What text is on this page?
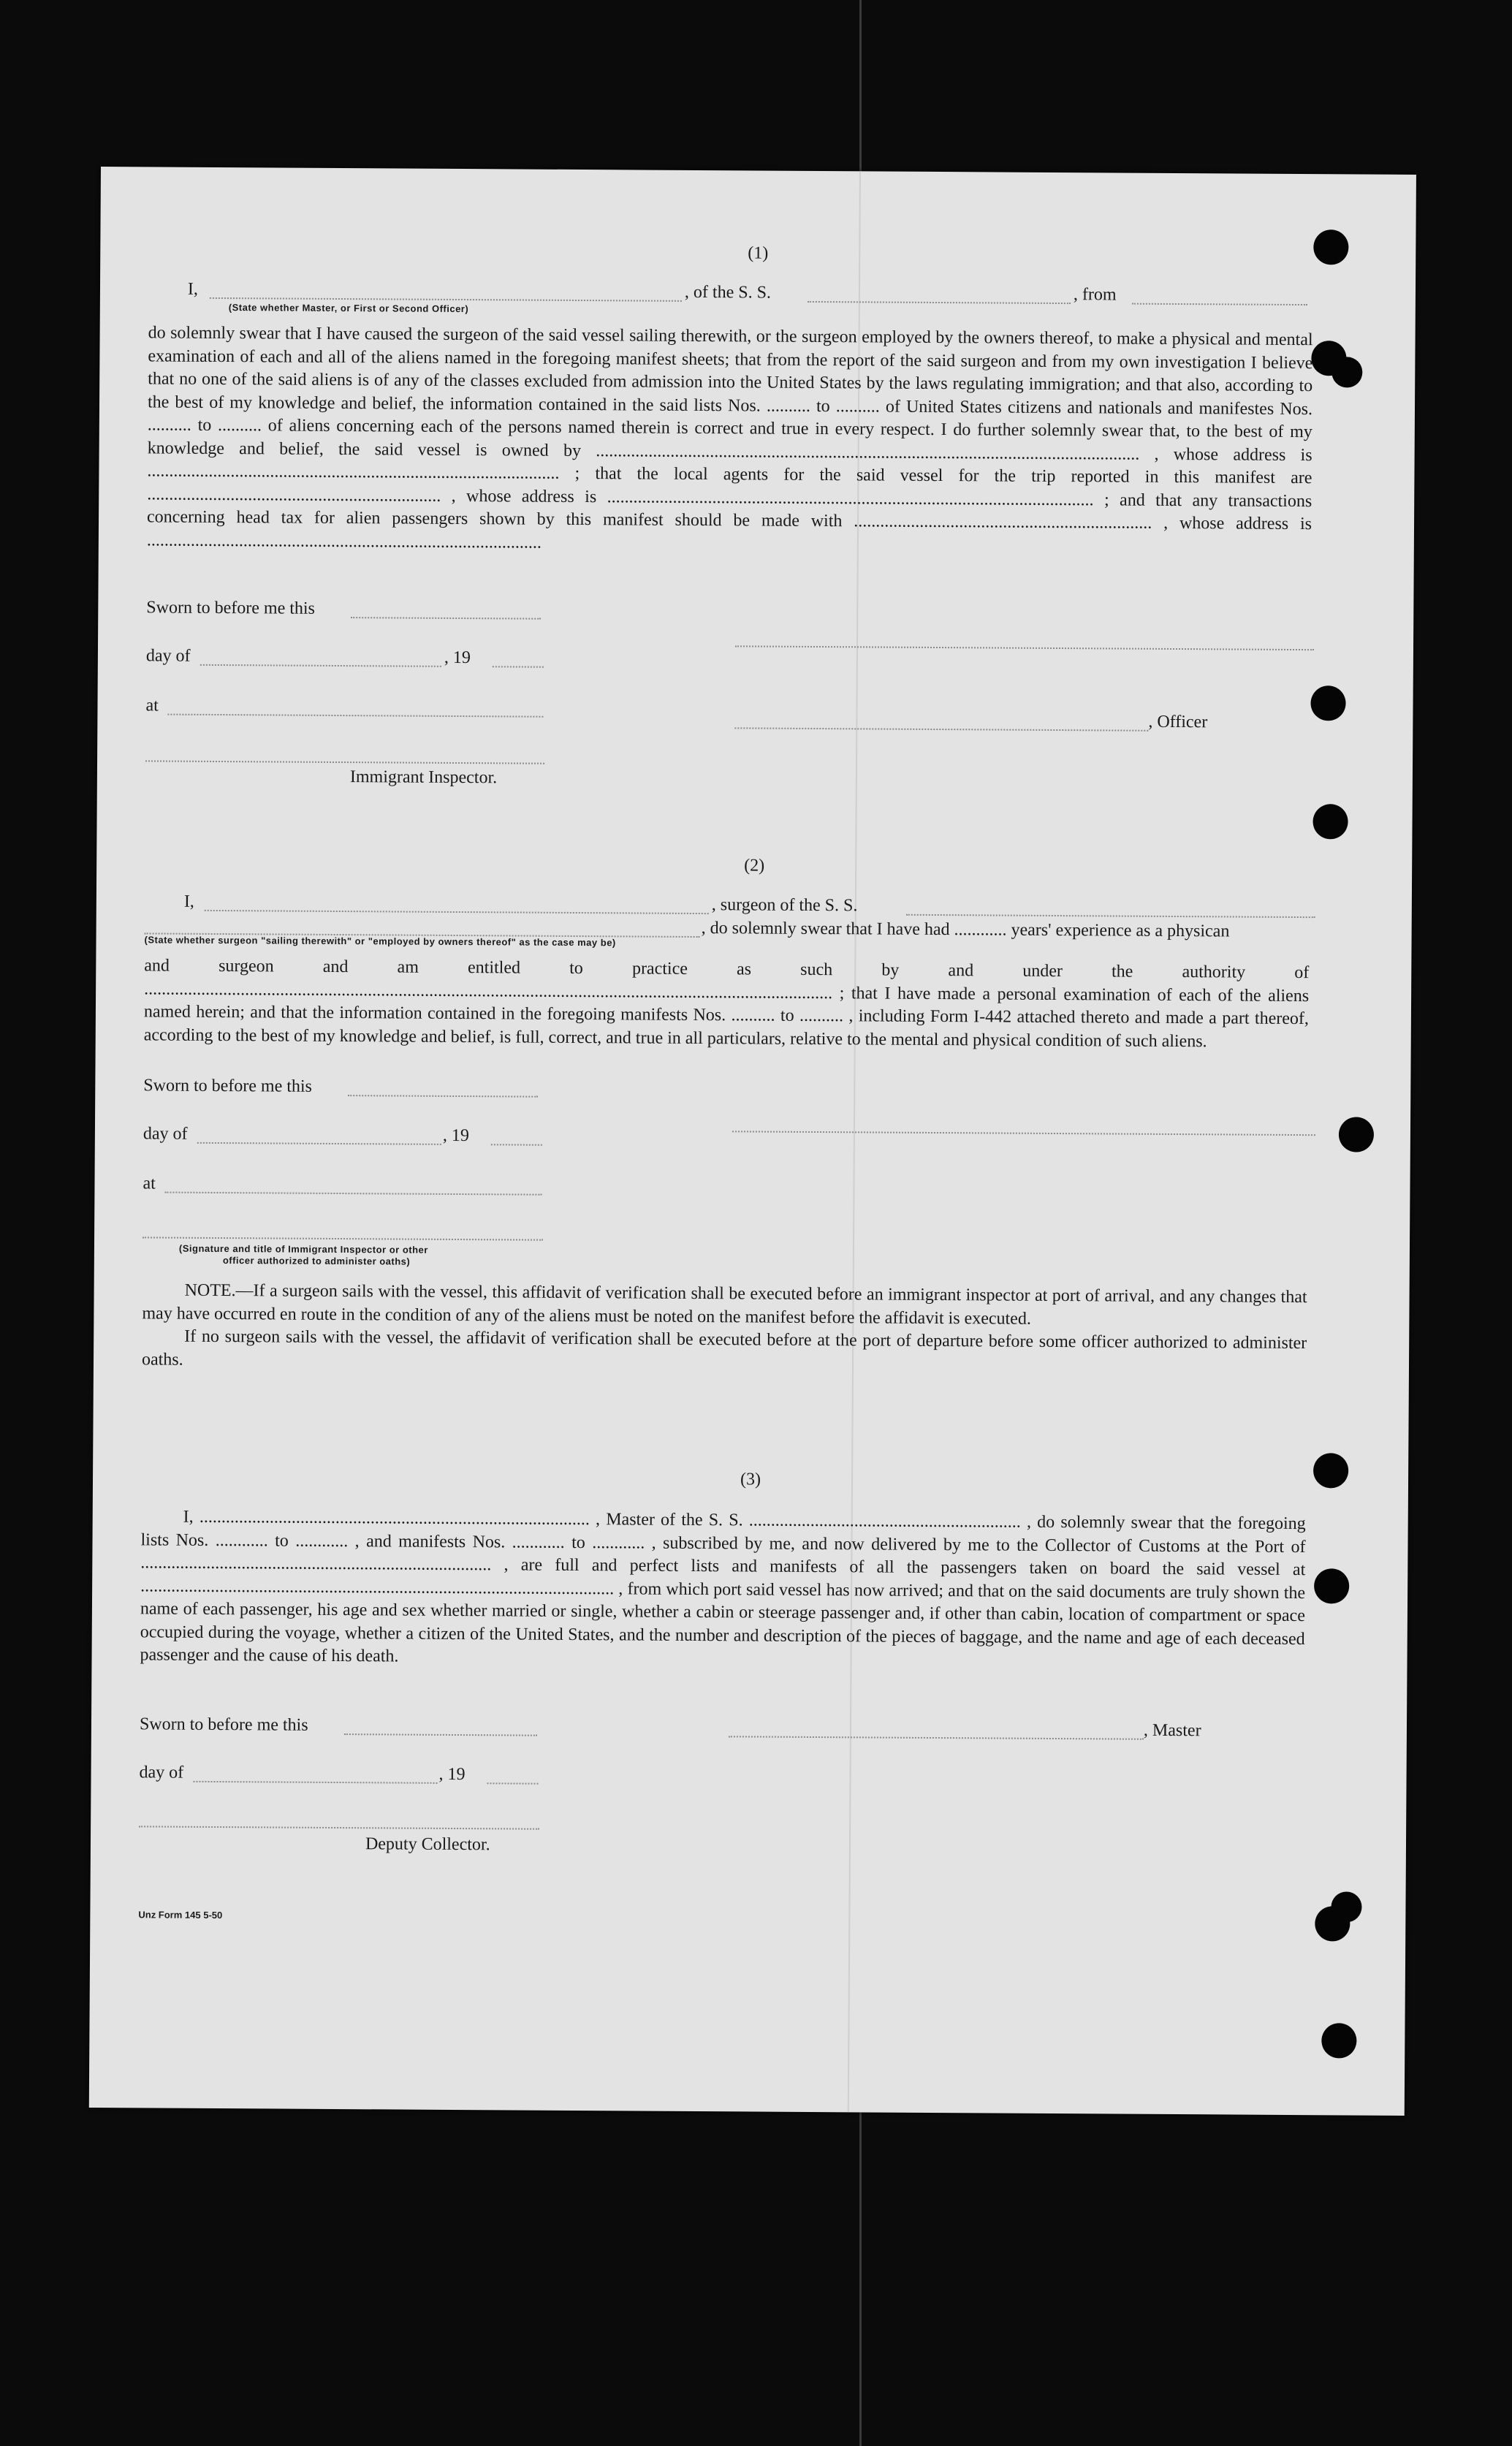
(1)
I,
(State whether Master, or First or Second Officer)
, of the S. S.	, from
do solemnly swear that I have caused the surgeon of the said vessel sailing therewith, or the surgeon employed by the owners thereof, to make a physical and mental examination of each and all of the aliens named in the foregoing manifest sheets; that from the report of the said surgeon and from my own investigation I believe that no one of the said aliens is of any of the classes excluded from admission into the United States by the laws regulating immigration; and that also, according to the best of my knowledge and belief, the information contained in the said lists Nos. .......... to .......... of United States citizens and nationals and manifestes Nos. .......... to .......... of aliens concerning each of the persons named therein is correct and true in every respect. I do further solemnly swear that, to the best of my knowledge and belief, the said vessel is owned by ............................................................................................................................ , whose address is .............................................................................................. ; that the local agents for the said vessel for the trip reported in this manifest are ................................................................... , whose address is ............................................................................................................... ; and that any transactions concerning head tax for alien passengers shown by this manifest should be made with .................................................................... , whose address is ..........................................................................................
Sworn to before me this
day of	, 19
at
, Officer
Immigrant Inspector.
(2)
I,	, surgeon of the S. S.
, do solemnly swear that I have had ............ years' experience as a physican
(State whether surgeon "sailing therewith" or "employed by owners thereof" as the case may be)
and surgeon and am entitled to practice as such by and under the authority of ............................................................................................................................................................. ; that I have made a personal examination of each of the aliens named herein; and that the information contained in the foregoing manifests Nos. .......... to .......... , including Form I-442 attached thereto and made a part thereof, according to the best of my knowledge and belief, is full, correct, and true in all particulars, relative to the mental and physical condition of such aliens.
Sworn to before me this
day of	, 19
at
(Signature and title of Immigrant Inspector or other
officer authorized to administer oaths)

NOTE.—If a surgeon sails with the vessel, this affidavit of verification shall be executed before an immigrant inspector at port of arrival, and any changes that may have occurred en route in the condition of any of the aliens must be noted on the manifest before the affidavit is executed.

If no surgeon sails with the vessel, the affidavit of verification shall be executed before at the port of departure before some officer authorized to administer oaths.

(3)
I, ......................................................................................... , Master of the S. S. .............................................................. , do solemnly swear that the foregoing lists Nos. ............ to ............ , and manifests Nos. ............ to ............ , subscribed by me, and now delivered by me to the Collector of Customs at the Port of ................................................................................ , are full and perfect lists and manifests of all the passengers taken on board the said vessel at ............................................................................................................ , from which port said vessel has now arrived; and that on the said documents are truly shown the name of each passenger, his age and sex whether married or single, whether a cabin or steerage passenger and, if other than cabin, location of compartment or space occupied during the voyage, whether a citizen of the United States, and the number and description of the pieces of baggage, and the name and age of each deceased passenger and the cause of his death.
Sworn to before me this	, Master
day of	, 19
Deputy Collector.
Unz Form 145 5-50
